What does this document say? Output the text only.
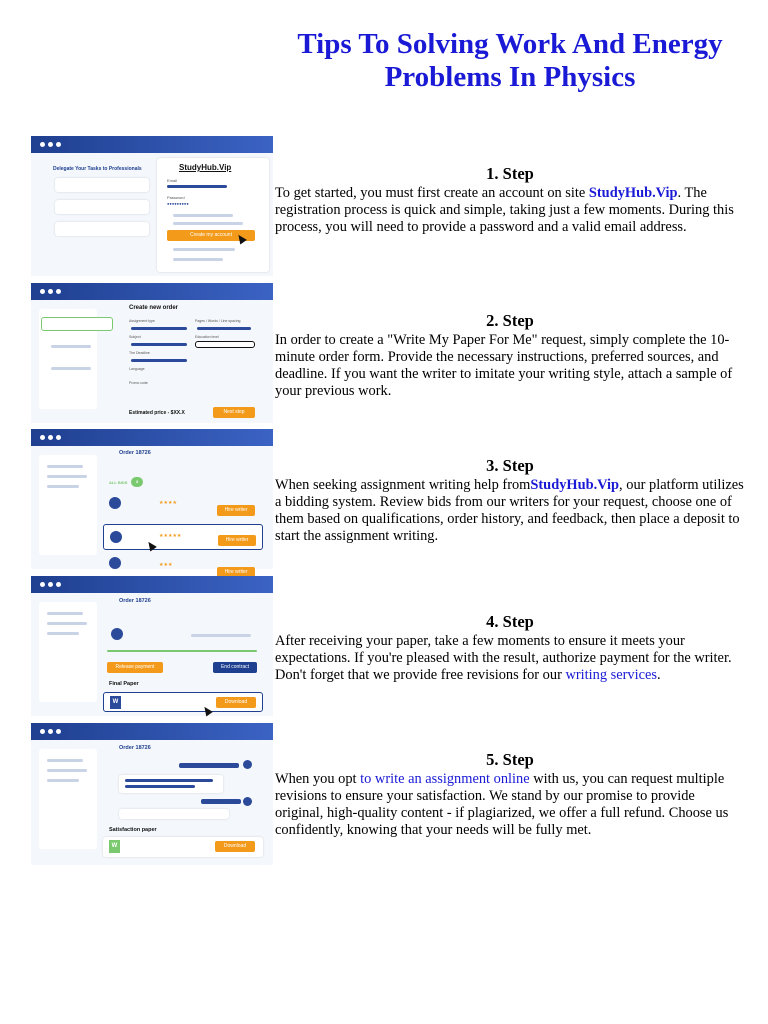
Tips To Solving Work And Energy Problems In Physics
Delegate Your Tasks to Professionals	StudyHub.Vip
Email
Password
●●●●●●●●●
Create my account
1. Step

To get started, you must first create an account on site StudyHub.Vip. The registration process is quick and simple, taking just a few moments. During this process, you will need to provide a password and a valid email address.

Create new order
Assignment type	Pages / Words / Line spacing
Subject	Education level
The Deadline
Language
Promo code
Estimated price - $XX.X	Next step
2. Step

In order to create a "Write My Paper For Me" request, simply complete the 10-minute order form. Provide the necessary instructions, preferred sources, and deadline. If you want the writer to imitate your writing style, attach a sample of your previous work.

Order 18726
ALL BIDS	3
★★★★
Hire writer
★★★★★
Hire writer
★★★
Hire writer
3. Step

When seeking assignment writing help fromStudyHub.Vip, our platform utilizes a bidding system. Review bids from our writers for your request, choose one of them based on qualifications, order history, and feedback, then place a deposit to start the assignment writing.

Order 18726
Release payment	End contract
Final Paper
W	Download
4. Step

After receiving your paper, take a few moments to ensure it meets your expectations. If you're pleased with the result, authorize payment for the writer. Don't forget that we provide free revisions for our writing services.

Order 18726
Satisfaction paper
W	Download
5. Step

When you opt to write an assignment online with us, you can request multiple revisions to ensure your satisfaction. We stand by our promise to provide original, high-quality content - if plagiarized, we offer a full refund. Choose us confidently, knowing that your needs will be fully met.
